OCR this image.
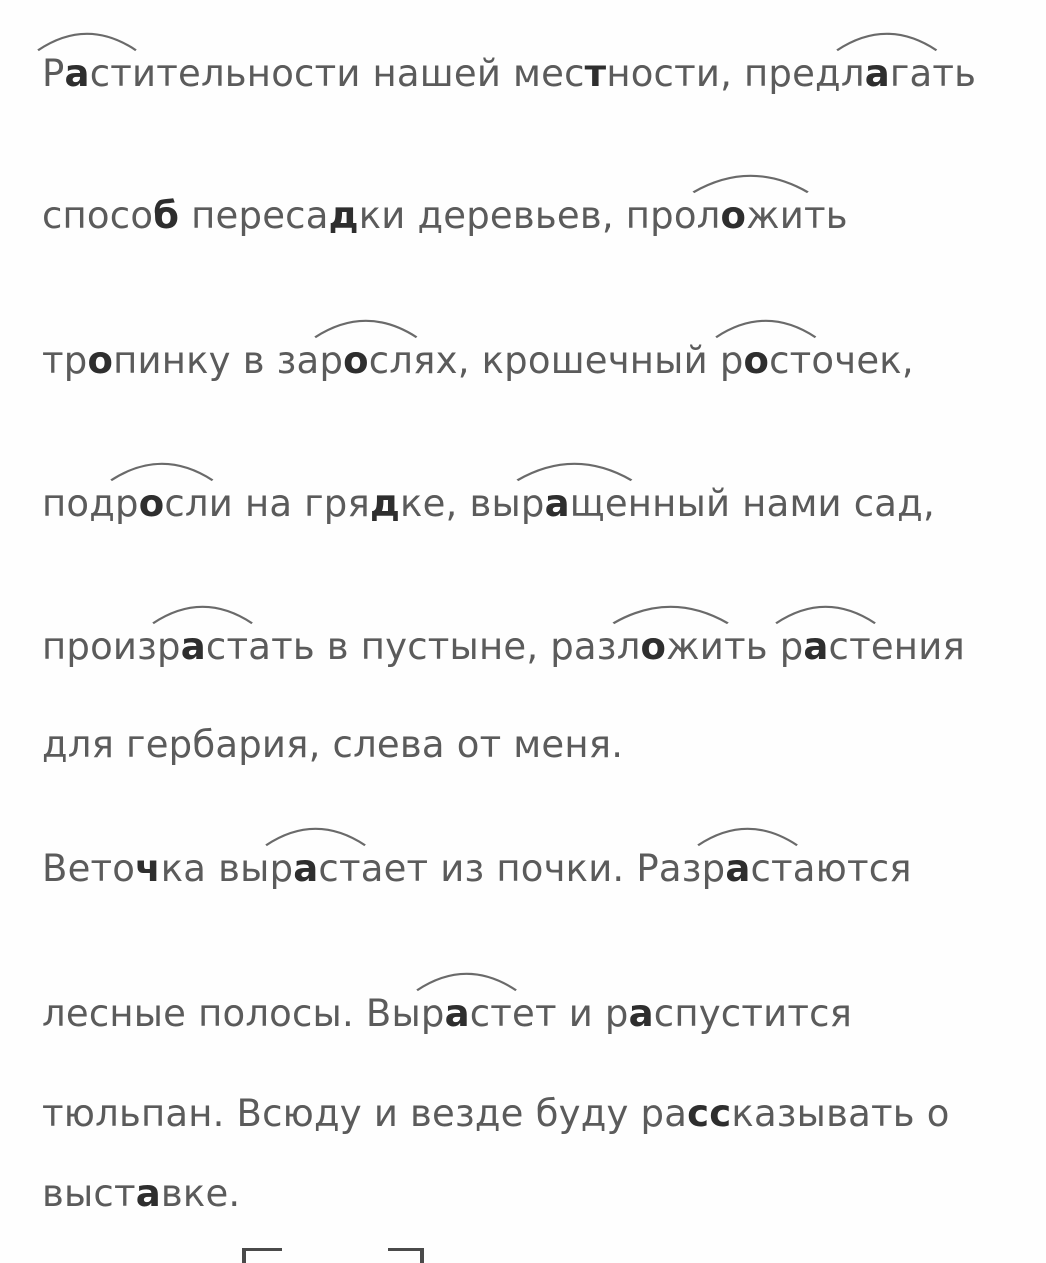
Раст
ительности нашей местности, предлага
ть
способ пересадки деревьев, проложи
ть
тропинку в заросл
ях, крошечный рост
очек,
подросл
и на грядке, выраще
нный нами сад,
произраст
ать в пустыне, разложи
ть раст
ения
для гербария, слева от меня.
Веточка выраст
ает из почки. Разраст
аются
лесные полосы. Выраст
ет и распустится
тюльпан. Всюду и везде буду рассказывать о
выставке.
